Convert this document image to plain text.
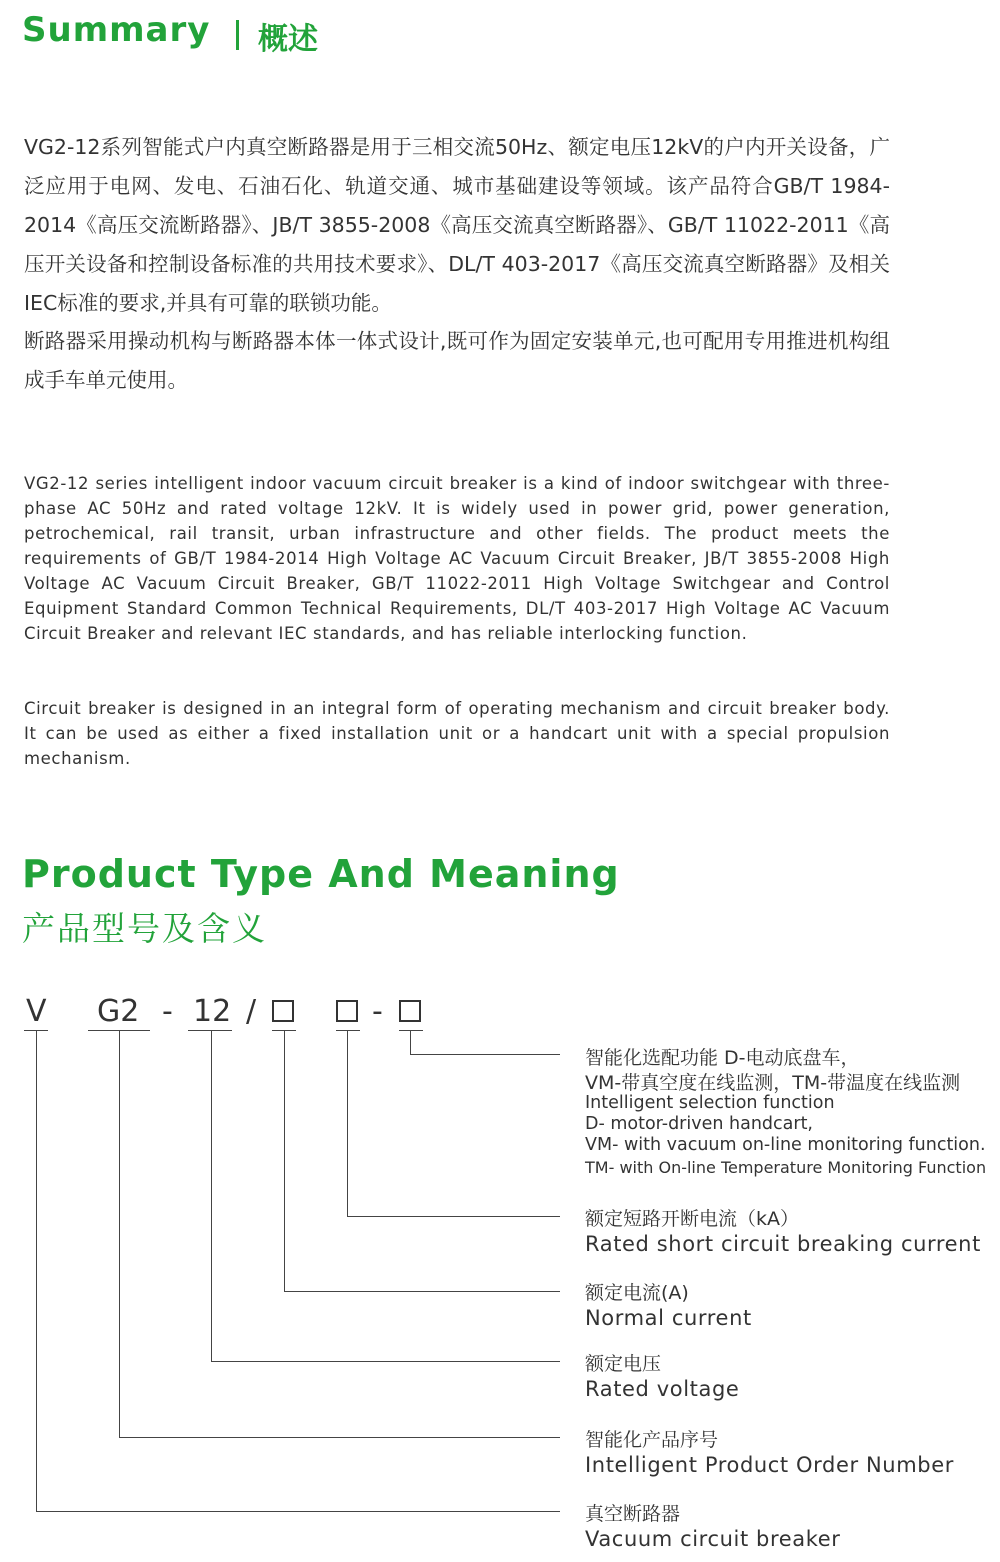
Summary 概述
VG2-12系列智能式户内真空断路器是用于三相交流50Hz、额定电压12kV的户内开关设备，广泛应用于电网、发电、石油石化、轨道交通、城市基础建设等领域。该产品符合GB/T 1984-2014《高压交流断路器》、JB/T 3855-2008《高压交流真空断路器》、GB/T 11022-2011《高压开关设备和控制设备标准的共用技术要求》、DL/T 403-2017《高压交流真空断路器》及相关IEC标准的要求,并具有可靠的联锁功能。
断路器采用操动机构与断路器本体一体式设计,既可作为固定安装单元,也可配用专用推进机构组成手车单元使用。
VG2-12 series intelligent indoor vacuum circuit breaker is a kind of indoor switchgear with three-phase AC 50Hz and rated voltage 12kV. It is widely used in power grid, power generation, petrochemical, rail transit, urban infrastructure and other fields. The product meets the requirements of GB/T 1984-2014 High Voltage AC Vacuum Circuit Breaker, JB/T 3855-2008 High Voltage AC Vacuum Circuit Breaker, GB/T 11022-2011 High Voltage Switchgear and Control Equipment Standard Common Technical Requirements, DL/T 403-2017 High Voltage AC Vacuum Circuit Breaker and relevant IEC standards, and has reliable interlocking function.
Circuit breaker is designed in an integral form of operating mechanism and circuit breaker body. It can be used as either a fixed installation unit or a handcart unit with a special propulsion mechanism.
Product Type And Meaning
产品型号及含义
V G2 - 12 /	-
智能化选配功能 D-电动底盘车，
VM-带真空度在线监测，TM-带温度在线监测
Intelligent selection function
D- motor-driven handcart,
VM- with vacuum on-line monitoring function.
TM- with On-line Temperature Monitoring Function
额定短路开断电流（kA）
Rated short circuit breaking current
额定电流(A)
Normal current
额定电压
Rated voltage
智能化产品序号
Intelligent Product Order Number
真空断路器
Vacuum circuit breaker
